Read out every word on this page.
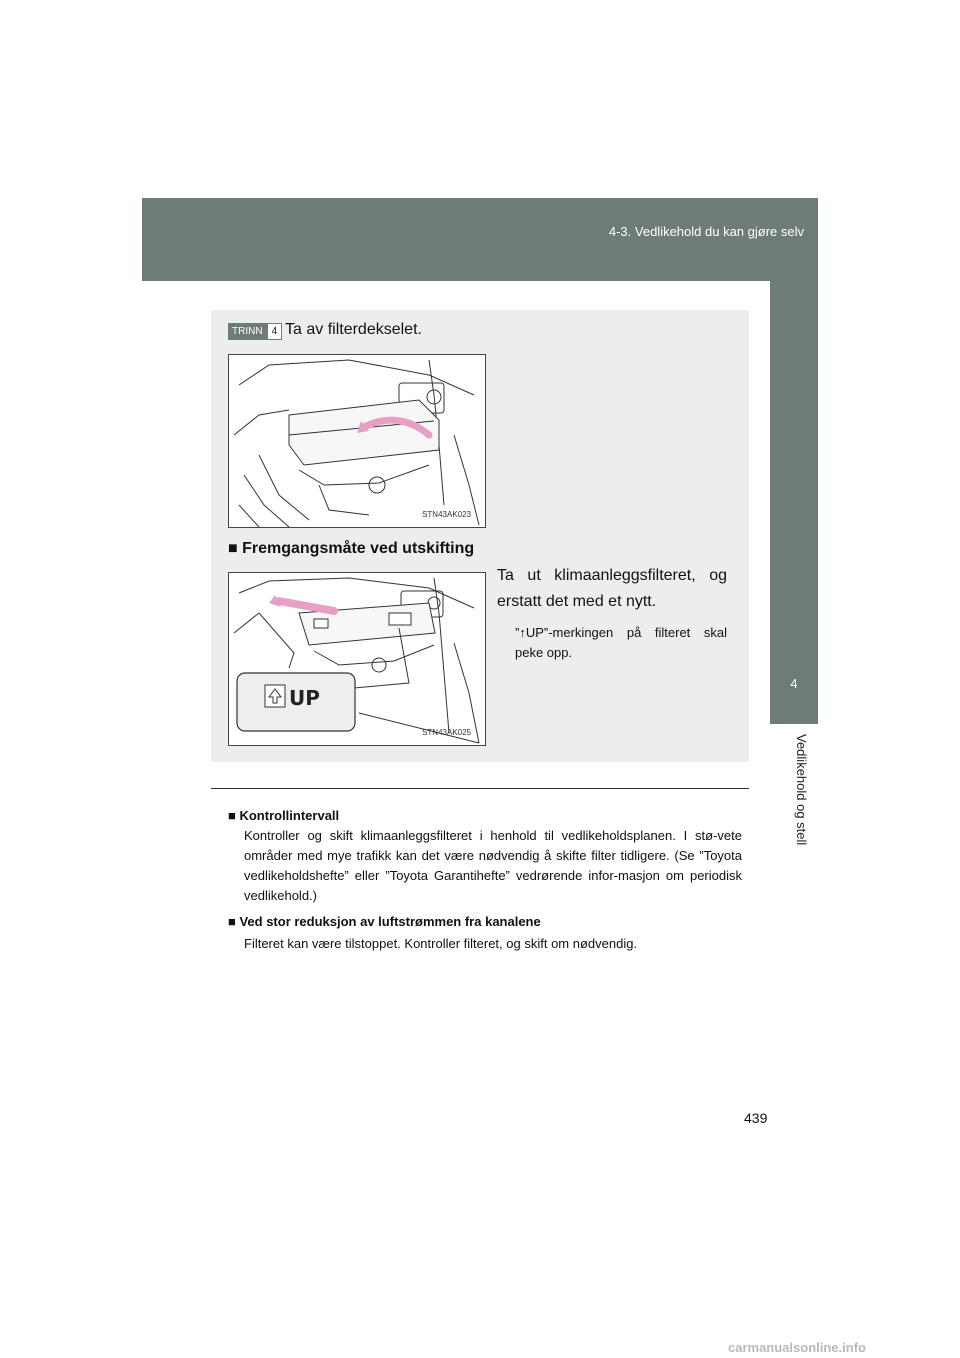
4-3. Vedlikehold du kan gjøre selv
4
Vedlikehold og stell
TRINN 4 Ta av filterdekselet.
STN43AK023
■ Fremgangsmåte ved utskifting
UP
STN43AK025
Ta ut klimaanleggsfilteret, og erstatt det med et nytt.
”↑UP”-merkingen på filteret skal peke opp.
■ Kontrollintervall
Kontroller og skift klimaanleggsfilteret i henhold til vedlikeholdsplanen. I stø-vete områder med mye trafikk kan det være nødvendig å skifte filter tidligere. (Se ”Toyota vedlikeholdshefte” eller ”Toyota Garantihefte” vedrørende infor-masjon om periodisk vedlikehold.)
■ Ved stor reduksjon av luftstrømmen fra kanalene
Filteret kan være tilstoppet. Kontroller filteret, og skift om nødvendig.
439
carmanualsonline.info
